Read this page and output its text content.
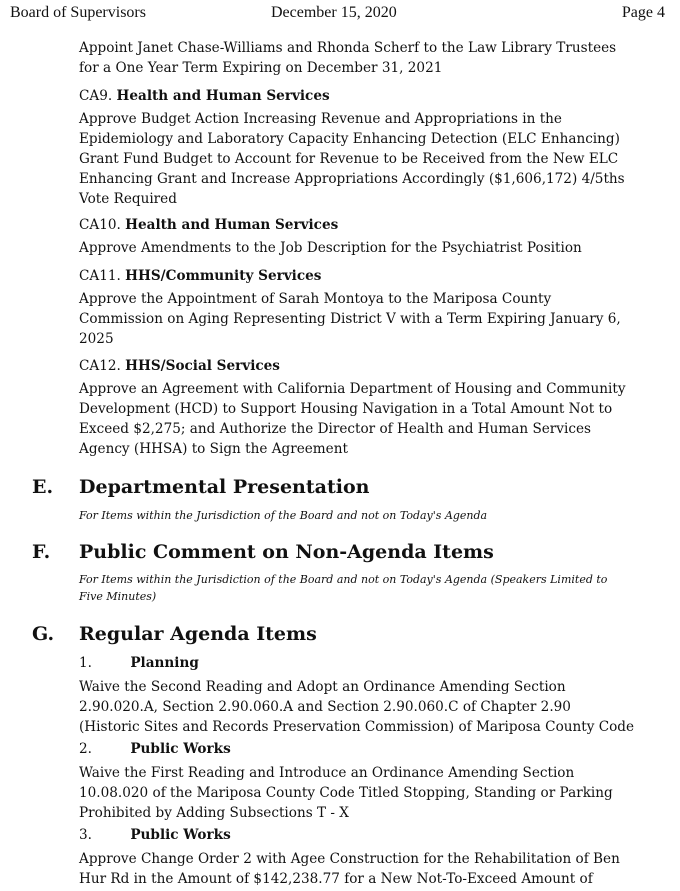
Board of Supervisors	December 15, 2020	Page 4

Appoint Janet Chase-Williams and Rhonda Scherf to the Law Library Trustees
for a One Year Term Expiring on December 31, 2021

CA9. Health and Human Services

Approve Budget Action Increasing Revenue and Appropriations in the
Epidemiology and Laboratory Capacity Enhancing Detection (ELC Enhancing)
Grant Fund Budget to Account for Revenue to be Received from the New ELC
Enhancing Grant and Increase Appropriations Accordingly ($1,606,172) 4/5ths
Vote Required

CA10. Health and Human Services

Approve Amendments to the Job Description for the Psychiatrist Position

CA11. HHS/Community Services

Approve the Appointment of Sarah Montoya to the Mariposa County
Commission on Aging Representing District V with a Term Expiring January 6,
2025

CA12. HHS/Social Services

Approve an Agreement with California Department of Housing and Community
Development (HCD) to Support Housing Navigation in a Total Amount Not to
Exceed $2,275; and Authorize the Director of Health and Human Services
Agency (HHSA) to Sign the Agreement

E. Departmental Presentation

For Items within the Jurisdiction of the Board and not on Today's Agenda

F. Public Comment on Non-Agenda Items

For Items within the Jurisdiction of the Board and not on Today's Agenda (Speakers Limited to
Five Minutes)

G. Regular Agenda Items
1.	Planning

Waive the Second Reading and Adopt an Ordinance Amending Section
2.90.020.A, Section 2.90.060.A and Section 2.90.060.C of Chapter 2.90
(Historic Sites and Records Preservation Commission) of Mariposa County Code

2.	Public Works

Waive the First Reading and Introduce an Ordinance Amending Section
10.08.020 of the Mariposa County Code Titled Stopping, Standing or Parking
Prohibited by Adding Subsections T - X

3.	Public Works

Approve Change Order 2 with Agee Construction for the Rehabilitation of Ben
Hur Rd in the Amount of $142,238.77 for a New Not-To-Exceed Amount of
